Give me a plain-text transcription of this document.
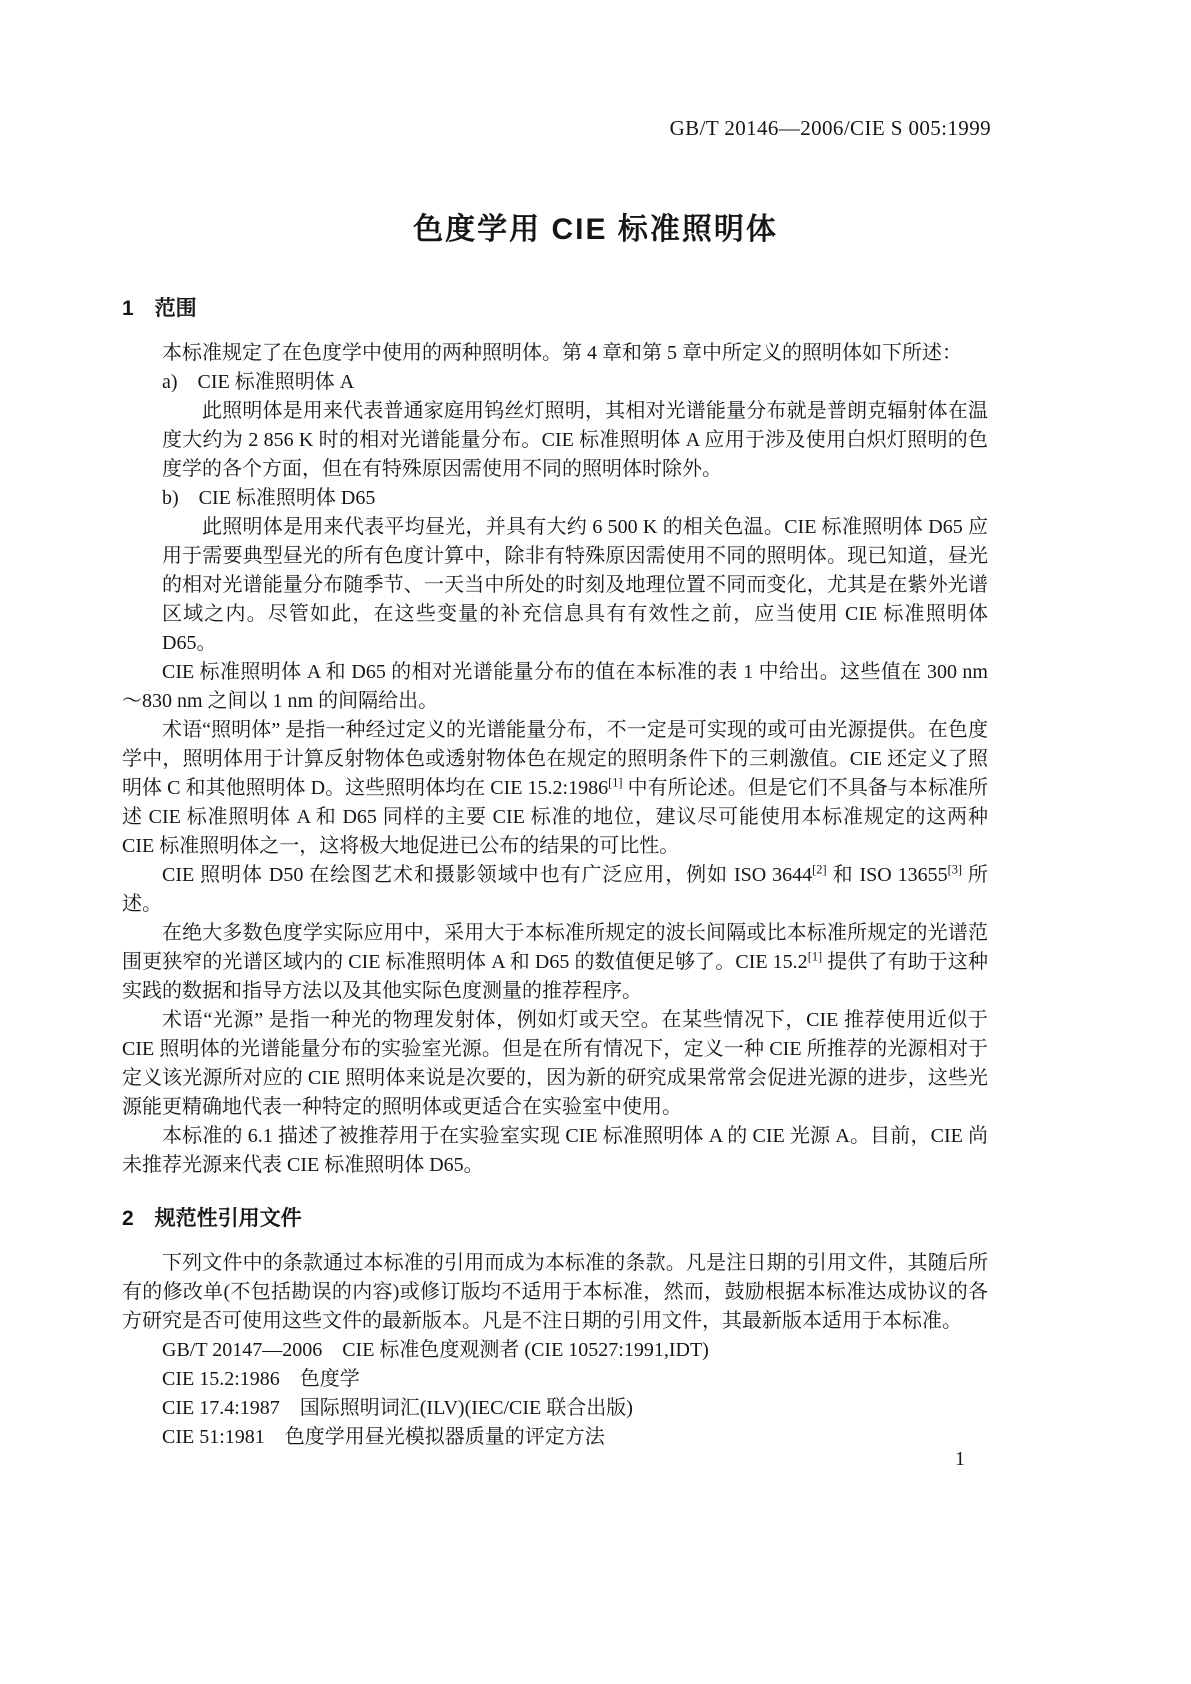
GB/T 20146—2006/CIE S 005:1999
色度学用 CIE 标准照明体
1　范围
本标准规定了在色度学中使用的两种照明体。第 4 章和第 5 章中所定义的照明体如下所述：
a)　CIE 标准照明体 A
此照明体是用来代表普通家庭用钨丝灯照明，其相对光谱能量分布就是普朗克辐射体在温度大约为 2 856 K 时的相对光谱能量分布。CIE 标准照明体 A 应用于涉及使用白炽灯照明的色度学的各个方面，但在有特殊原因需使用不同的照明体时除外。
b)　CIE 标准照明体 D65
此照明体是用来代表平均昼光，并具有大约 6 500 K 的相关色温。CIE 标准照明体 D65 应用于需要典型昼光的所有色度计算中，除非有特殊原因需使用不同的照明体。现已知道，昼光的相对光谱能量分布随季节、一天当中所处的时刻及地理位置不同而变化，尤其是在紫外光谱区域之内。尽管如此，在这些变量的补充信息具有有效性之前，应当使用 CIE 标准照明体 D65。
CIE 标准照明体 A 和 D65 的相对光谱能量分布的值在本标准的表 1 中给出。这些值在 300 nm～830 nm 之间以 1 nm 的间隔给出。
术语“照明体” 是指一种经过定义的光谱能量分布，不一定是可实现的或可由光源提供。在色度学中，照明体用于计算反射物体色或透射物体色在规定的照明条件下的三刺激值。CIE 还定义了照明体 C 和其他照明体 D。这些照明体均在 CIE 15.2:1986[1] 中有所论述。但是它们不具备与本标准所述 CIE 标准照明体 A 和 D65 同样的主要 CIE 标准的地位，建议尽可能使用本标准规定的这两种 CIE 标准照明体之一，这将极大地促进已公布的结果的可比性。
CIE 照明体 D50 在绘图艺术和摄影领域中也有广泛应用，例如 ISO 3644[2] 和 ISO 13655[3] 所述。
在绝大多数色度学实际应用中，采用大于本标准所规定的波长间隔或比本标准所规定的光谱范围更狭窄的光谱区域内的 CIE 标准照明体 A 和 D65 的数值便足够了。CIE 15.2[1] 提供了有助于这种实践的数据和指导方法以及其他实际色度测量的推荐程序。
术语“光源” 是指一种光的物理发射体，例如灯或天空。在某些情况下，CIE 推荐使用近似于 CIE 照明体的光谱能量分布的实验室光源。但是在所有情况下，定义一种 CIE 所推荐的光源相对于定义该光源所对应的 CIE 照明体来说是次要的，因为新的研究成果常常会促进光源的进步，这些光源能更精确地代表一种特定的照明体或更适合在实验室中使用。
本标准的 6.1 描述了被推荐用于在实验室实现 CIE 标准照明体 A 的 CIE 光源 A。目前，CIE 尚未推荐光源来代表 CIE 标准照明体 D65。
2　规范性引用文件
下列文件中的条款通过本标准的引用而成为本标准的条款。凡是注日期的引用文件，其随后所有的修改单(不包括勘误的内容)或修订版均不适用于本标准，然而，鼓励根据本标准达成协议的各方研究是否可使用这些文件的最新版本。凡是不注日期的引用文件，其最新版本适用于本标准。
GB/T 20147—2006　CIE 标准色度观测者 (CIE 10527:1991,IDT)
CIE 15.2:1986　色度学
CIE 17.4:1987　国际照明词汇(ILV)(IEC/CIE 联合出版)
CIE 51:1981　色度学用昼光模拟器质量的评定方法
1
